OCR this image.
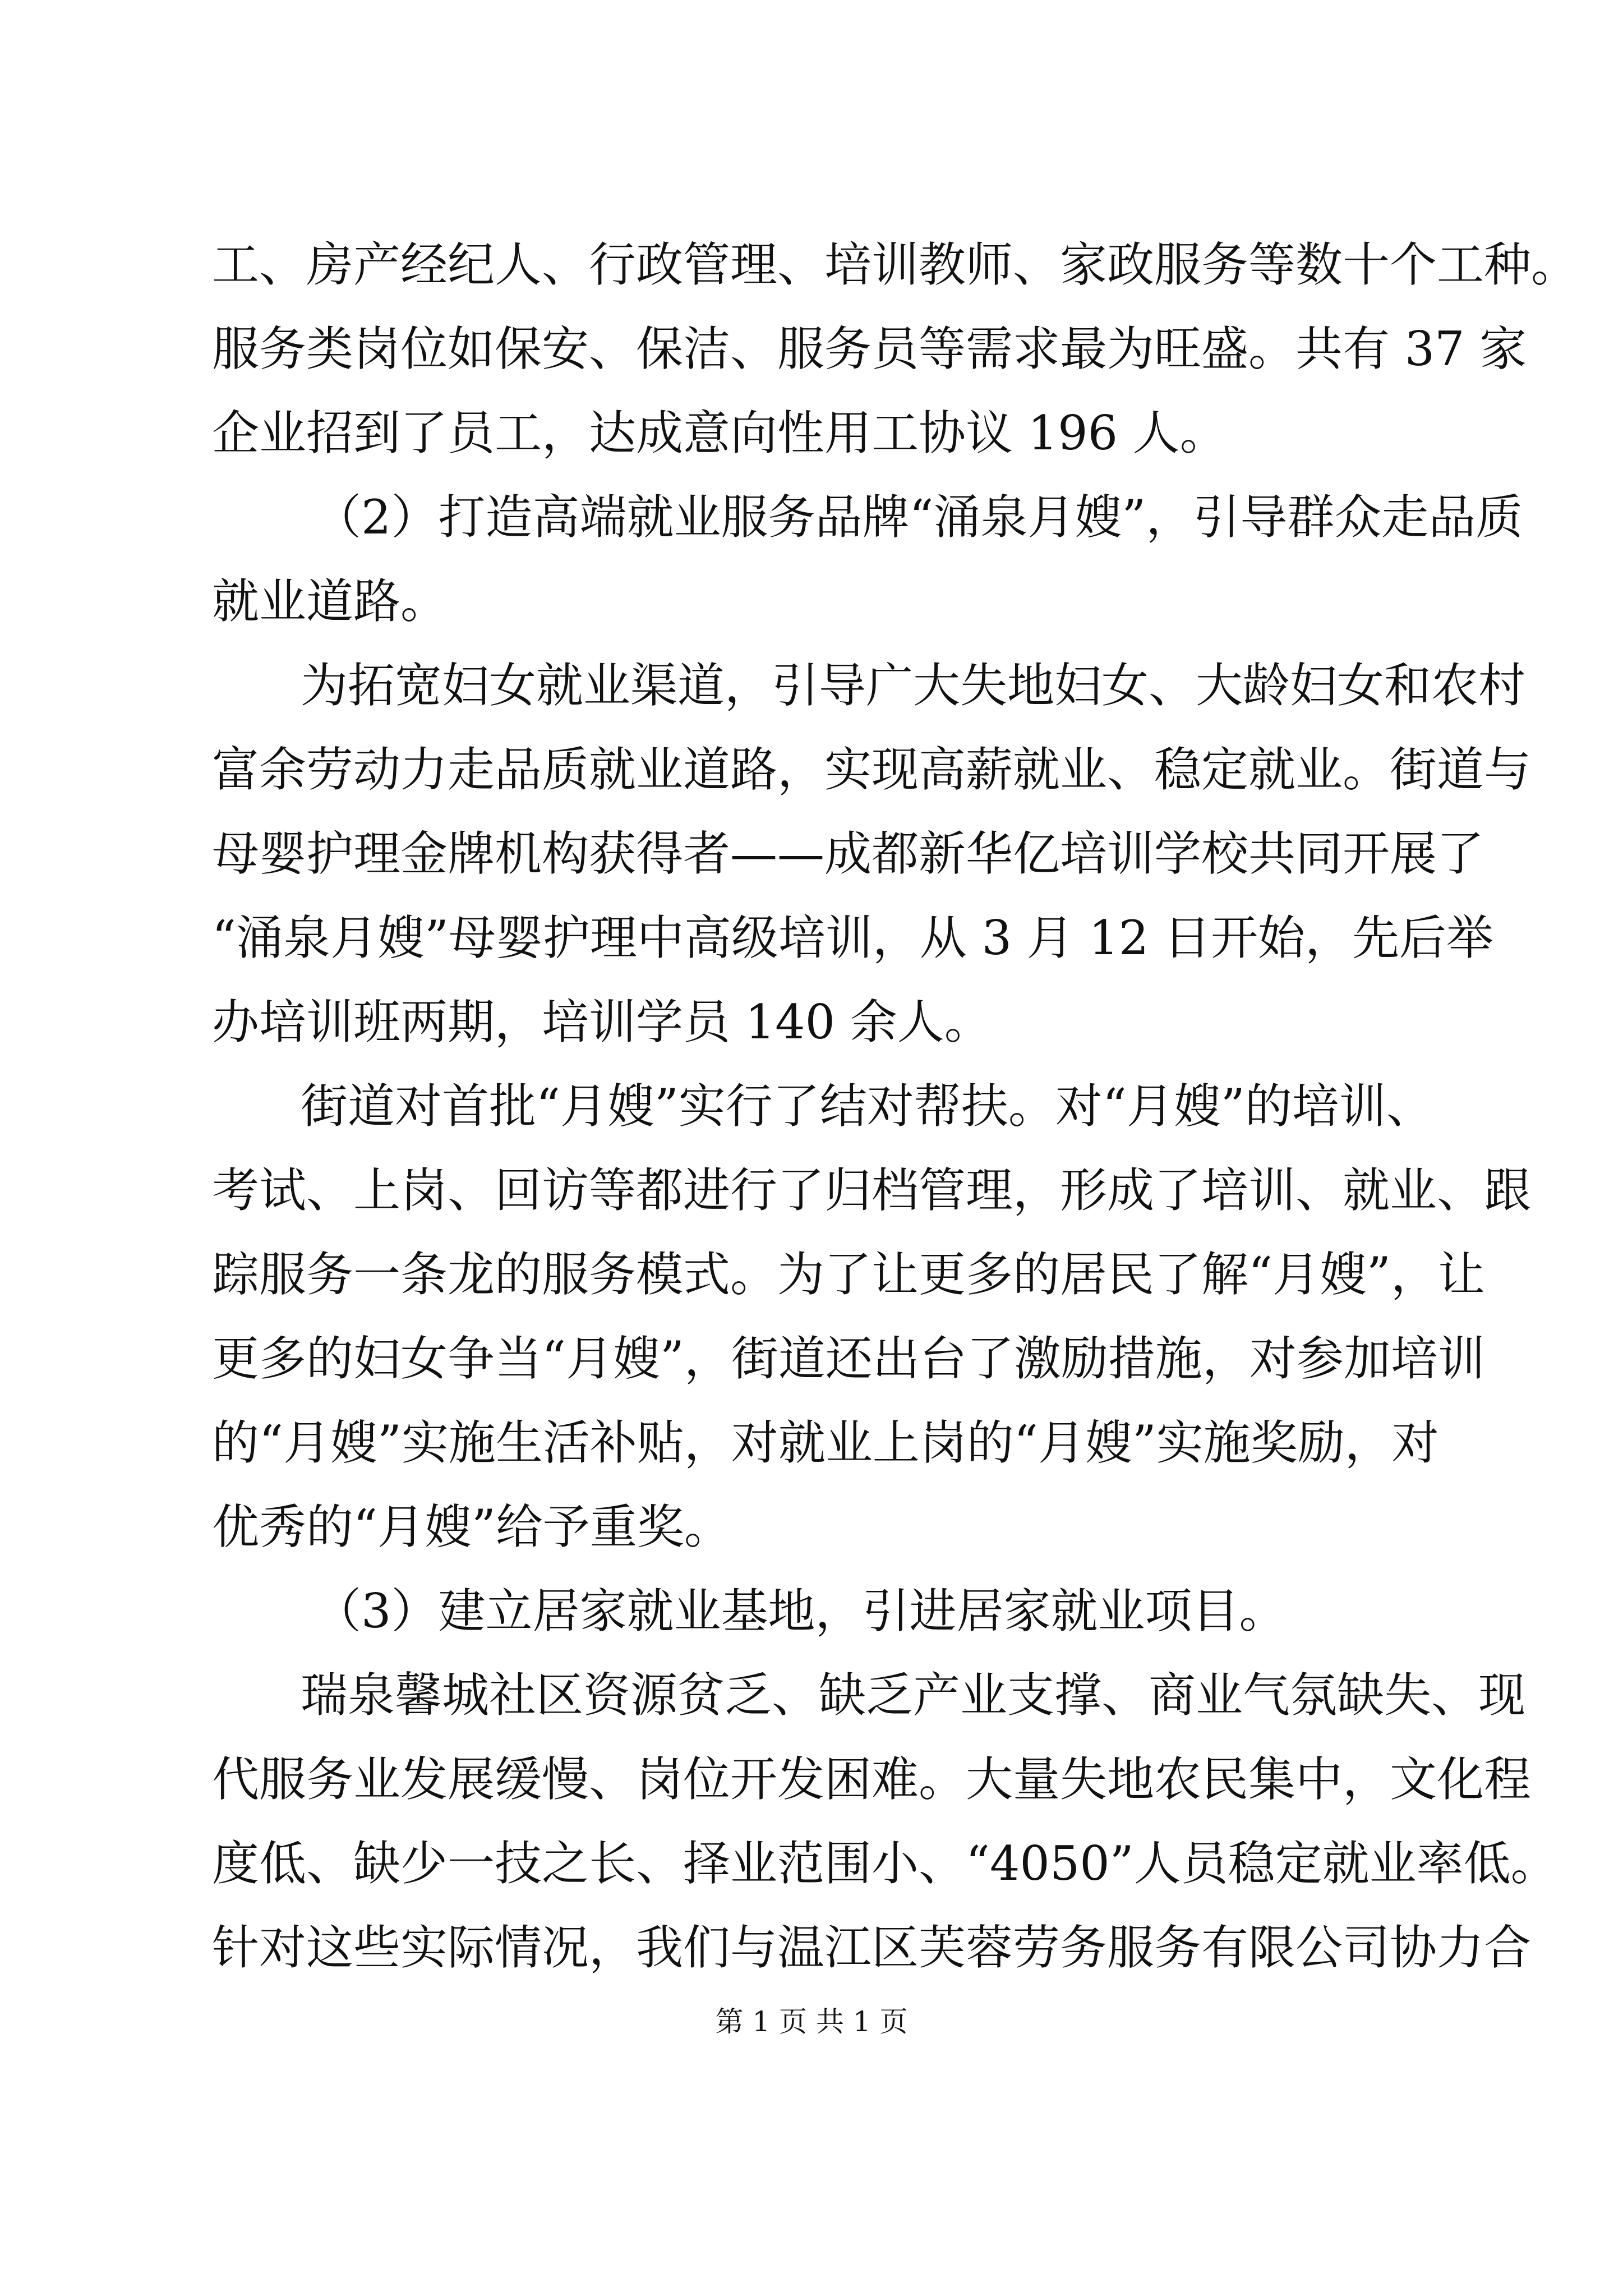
工、房产经纪人、行政管理、培训教师、家政服务等数十个工种。
服务类岗位如保安、保洁、服务员等需求最为旺盛。共有 37 家
企业招到了员工，达成意向性用工协议 196 人。
（2）打造高端就业服务品牌“涌泉月嫂”，引导群众走品质
就业道路。
为拓宽妇女就业渠道，引导广大失地妇女、大龄妇女和农村
富余劳动力走品质就业道路，实现高薪就业、稳定就业。街道与
母婴护理金牌机构获得者——成都新华亿培训学校共同开展了
“涌泉月嫂”母婴护理中高级培训，从 3 月 12 日开始，先后举
办培训班两期，培训学员 140 余人。
街道对首批“月嫂”实行了结对帮扶。对“月嫂”的培训、
考试、上岗、回访等都进行了归档管理，形成了培训、就业、跟
踪服务一条龙的服务模式。为了让更多的居民了解“月嫂”，让
更多的妇女争当“月嫂”，街道还出台了激励措施，对参加培训
的“月嫂”实施生活补贴，对就业上岗的“月嫂”实施奖励，对
优秀的“月嫂”给予重奖。
（3）建立居家就业基地，引进居家就业项目。
瑞泉馨城社区资源贫乏、缺乏产业支撑、商业气氛缺失、现
代服务业发展缓慢、岗位开发困难。大量失地农民集中，文化程
度低、缺少一技之长、择业范围小、“4050”人员稳定就业率低。
针对这些实际情况，我们与温江区芙蓉劳务服务有限公司协力合
第 1 页 共 1 页
